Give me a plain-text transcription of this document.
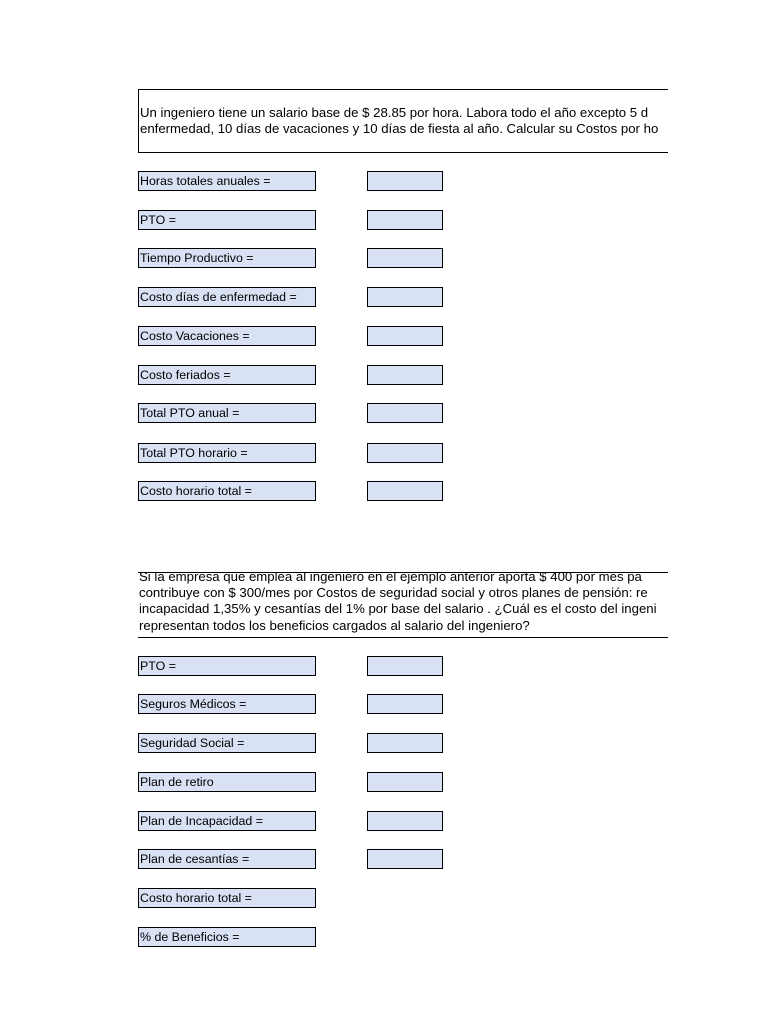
Un ingeniero tiene un salario base de $ 28.85 por hora. Labora todo el año excepto 5 d
enfermedad, 10 días de vacaciones y 10 días de fiesta al año. Calcular su Costos por ho
Horas totales anuales =
PTO =
Tiempo Productivo =
Costo días de enfermedad =
Costo Vacaciones =
Costo feriados =
Total PTO anual =
Total PTO horario =
Costo horario total =
Si la empresa que emplea al ingeniero en el ejemplo anterior aporta $ 400 por mes pa
contribuye con $ 300/mes por Costos de seguridad social y otros planes de pensión: re
incapacidad 1,35% y cesantías del 1% por base del salario . ¿Cuál es el costo del ingeni
representan todos los beneficios cargados al salario del ingeniero?
PTO =
Seguros Médicos =
Seguridad Social =
Plan de retiro
Plan de Incapacidad =
Plan de cesantías =
Costo horario total =
% de Beneficios =
